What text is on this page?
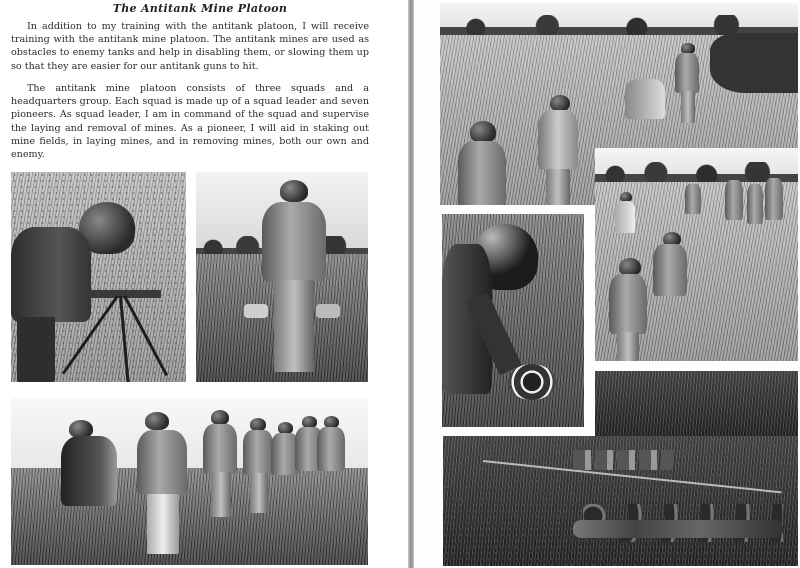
The Antitank Mine Platoon

In addition to my training with the antitank platoon, I will receive training with the antitank mine platoon. The antitank mines are used as obstacles to enemy tanks and help in disabling them, or slowing them up so that they are easier for our antitank guns to hit.

The antitank mine platoon consists of three squads and a headquarters group. Each squad is made up of a squad leader and seven pioneers. As squad leader, I am in command of the squad and supervise the laying and removal of mines. As a pioneer, I will aid in staking out mine fields, in laying mines, and in removing mines, both our own and enemy.
